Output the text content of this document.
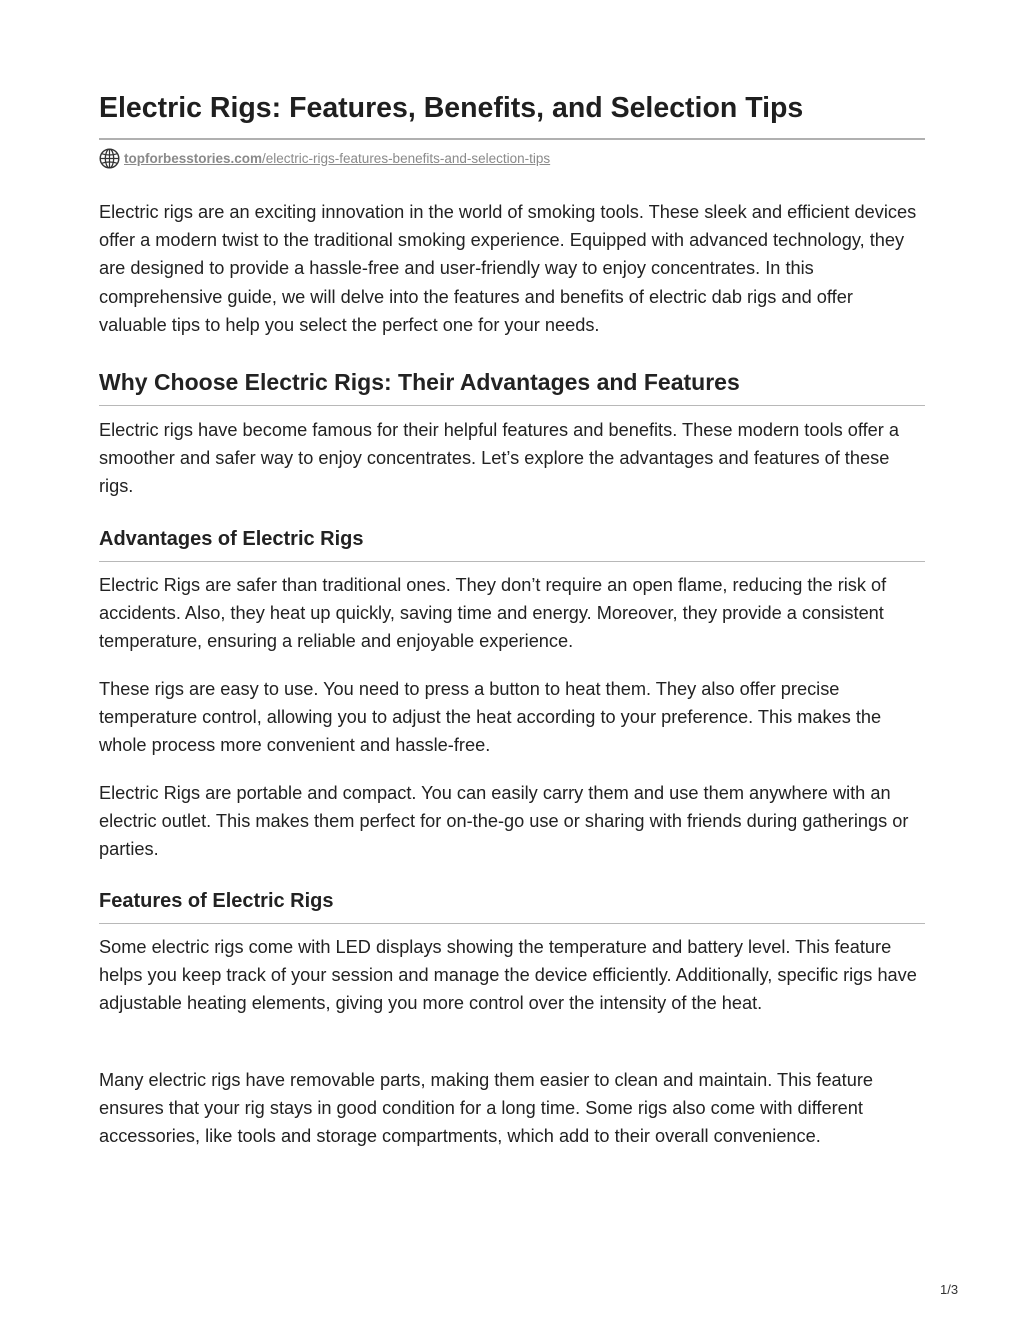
Electric Rigs: Features, Benefits, and Selection Tips
topforbesstories.com/electric-rigs-features-benefits-and-selection-tips

Electric rigs are an exciting innovation in the world of smoking tools. These sleek and efficient devices offer a modern twist to the traditional smoking experience. Equipped with advanced technology, they are designed to provide a hassle-free and user-friendly way to enjoy concentrates. In this comprehensive guide, we will delve into the features and benefits of electric dab rigs and offer valuable tips to help you select the perfect one for your needs.

Why Choose Electric Rigs: Their Advantages and Features

Electric rigs have become famous for their helpful features and benefits. These modern tools offer a smoother and safer way to enjoy concentrates. Let’s explore the advantages and features of these rigs.

Advantages of Electric Rigs

Electric Rigs are safer than traditional ones. They don’t require an open flame, reducing the risk of accidents. Also, they heat up quickly, saving time and energy. Moreover, they provide a consistent temperature, ensuring a reliable and enjoyable experience.

These rigs are easy to use. You need to press a button to heat them. They also offer precise temperature control, allowing you to adjust the heat according to your preference. This makes the whole process more convenient and hassle-free.

Electric Rigs are portable and compact. You can easily carry them and use them anywhere with an electric outlet. This makes them perfect for on-the-go use or sharing with friends during gatherings or parties.

Features of Electric Rigs

Some electric rigs come with LED displays showing the temperature and battery level. This feature helps you keep track of your session and manage the device efficiently. Additionally, specific rigs have adjustable heating elements, giving you more control over the intensity of the heat.

Many electric rigs have removable parts, making them easier to clean and maintain. This feature ensures that your rig stays in good condition for a long time. Some rigs also come with different accessories, like tools and storage compartments, which add to their overall convenience.

1/3
